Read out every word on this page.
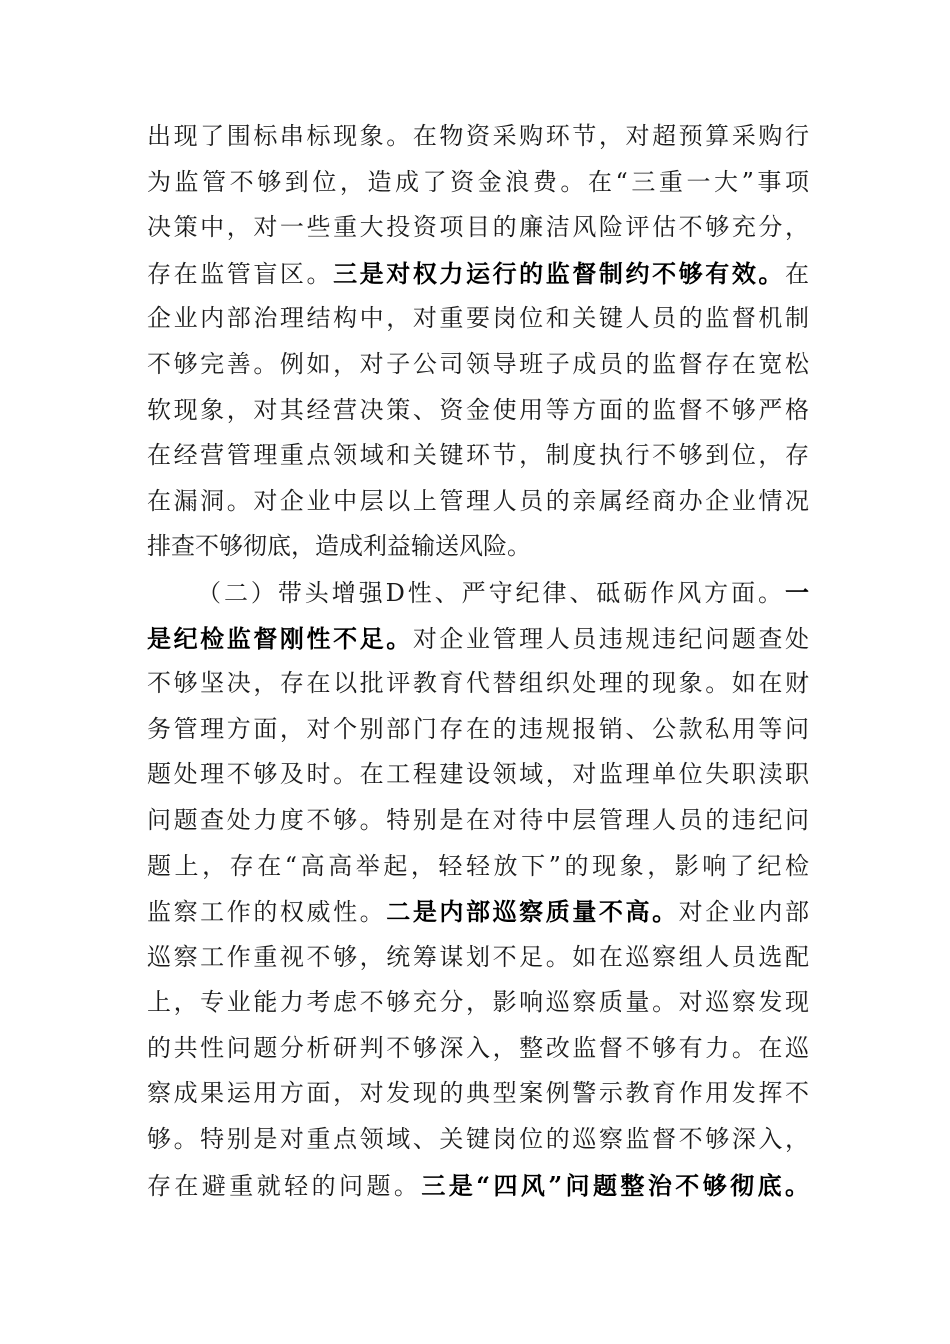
出现了围标串标现象。在物资采购环节，对超预算采购行
为监管不够到位，造成了资金浪费。在“三重一大”事项
决策中，对一些重大投资项目的廉洁风险评估不够充分，
存在监管盲区。三是对权力运行的监督制约不够有效。在
企业内部治理结构中，对重要岗位和关键人员的监督机制
不够完善。例如，对子公司领导班子成员的监督存在宽松
软现象，对其经营决策、资金使用等方面的监督不够严格
在经营管理重点领域和关键环节，制度执行不够到位，存
在漏洞。对企业中层以上管理人员的亲属经商办企业情况
排查不够彻底，造成利益输送风险。
（二）带头增强D性、严守纪律、砥砺作风方面。一
是纪检监督刚性不足。对企业管理人员违规违纪问题查处
不够坚决，存在以批评教育代替组织处理的现象。如在财
务管理方面，对个别部门存在的违规报销、公款私用等问
题处理不够及时。在工程建设领域，对监理单位失职渎职
问题查处力度不够。特别是在对待中层管理人员的违纪问
题上，存在“高高举起，轻轻放下”的现象，影响了纪检
监察工作的权威性。二是内部巡察质量不高。对企业内部
巡察工作重视不够，统筹谋划不足。如在巡察组人员选配
上，专业能力考虑不够充分，影响巡察质量。对巡察发现
的共性问题分析研判不够深入，整改监督不够有力。在巡
察成果运用方面，对发现的典型案例警示教育作用发挥不
够。特别是对重点领域、关键岗位的巡察监督不够深入，
存在避重就轻的问题。三是“四风”问题整治不够彻底。
